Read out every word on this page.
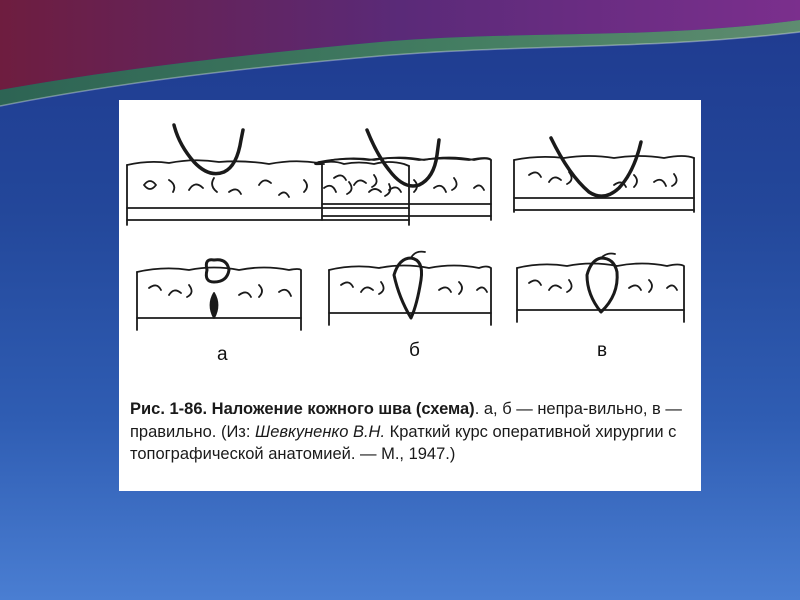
а	б	в
Рис. 1-86. Наложение кожного шва (схема). а, б — непра-вильно, в — правильно. (Из: Шевкуненко В.Н. Краткий курс оперативной хирургии с топографической анатомией. — М., 1947.)
